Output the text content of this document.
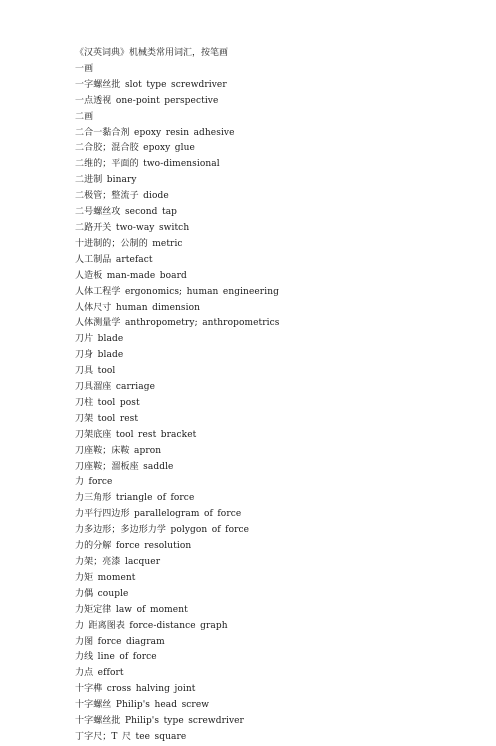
《汉英词典》机械类常用词汇，按笔画
一画
一字螺丝批 slot type screwdriver
一点透视 one-point perspective
二画
二合一黏合剂 epoxy resin adhesive
二合胶；混合胶 epoxy glue
二维的；平面的 two-dimensional
二进制 binary
二极管；整流子 diode
二号螺丝攻 second tap
二路开关 two-way switch
十进制的；公制的 metric
人工制品 artefact
人造板 man-made board
人体工程学 ergonomics; human engineering
人体尺寸 human dimension
人体测量学 anthropometry; anthropometrics
刀片 blade
刀身 blade
刀具 tool
刀具溜座 carriage
刀柱 tool post
刀架 tool rest
刀架底座 tool rest bracket
刀座鞍；床鞍 apron
刀座鞍；溜板座 saddle
力 force
力三角形 triangle of force
力平行四边形 parallelogram of force
力多边形；多边形力学 polygon of force
力的分解 force resolution
力架；亮漆 lacquer
力矩 moment
力偶 couple
力矩定律 law of moment
力 距离图表 force-distance graph
力图 force diagram
力线 line of force
力点 effort
十字榫 cross halving joint
十字螺丝 Philip's head screw
十字螺丝批 Philip's type screwdriver
丁字尺；T 尺 tee square
